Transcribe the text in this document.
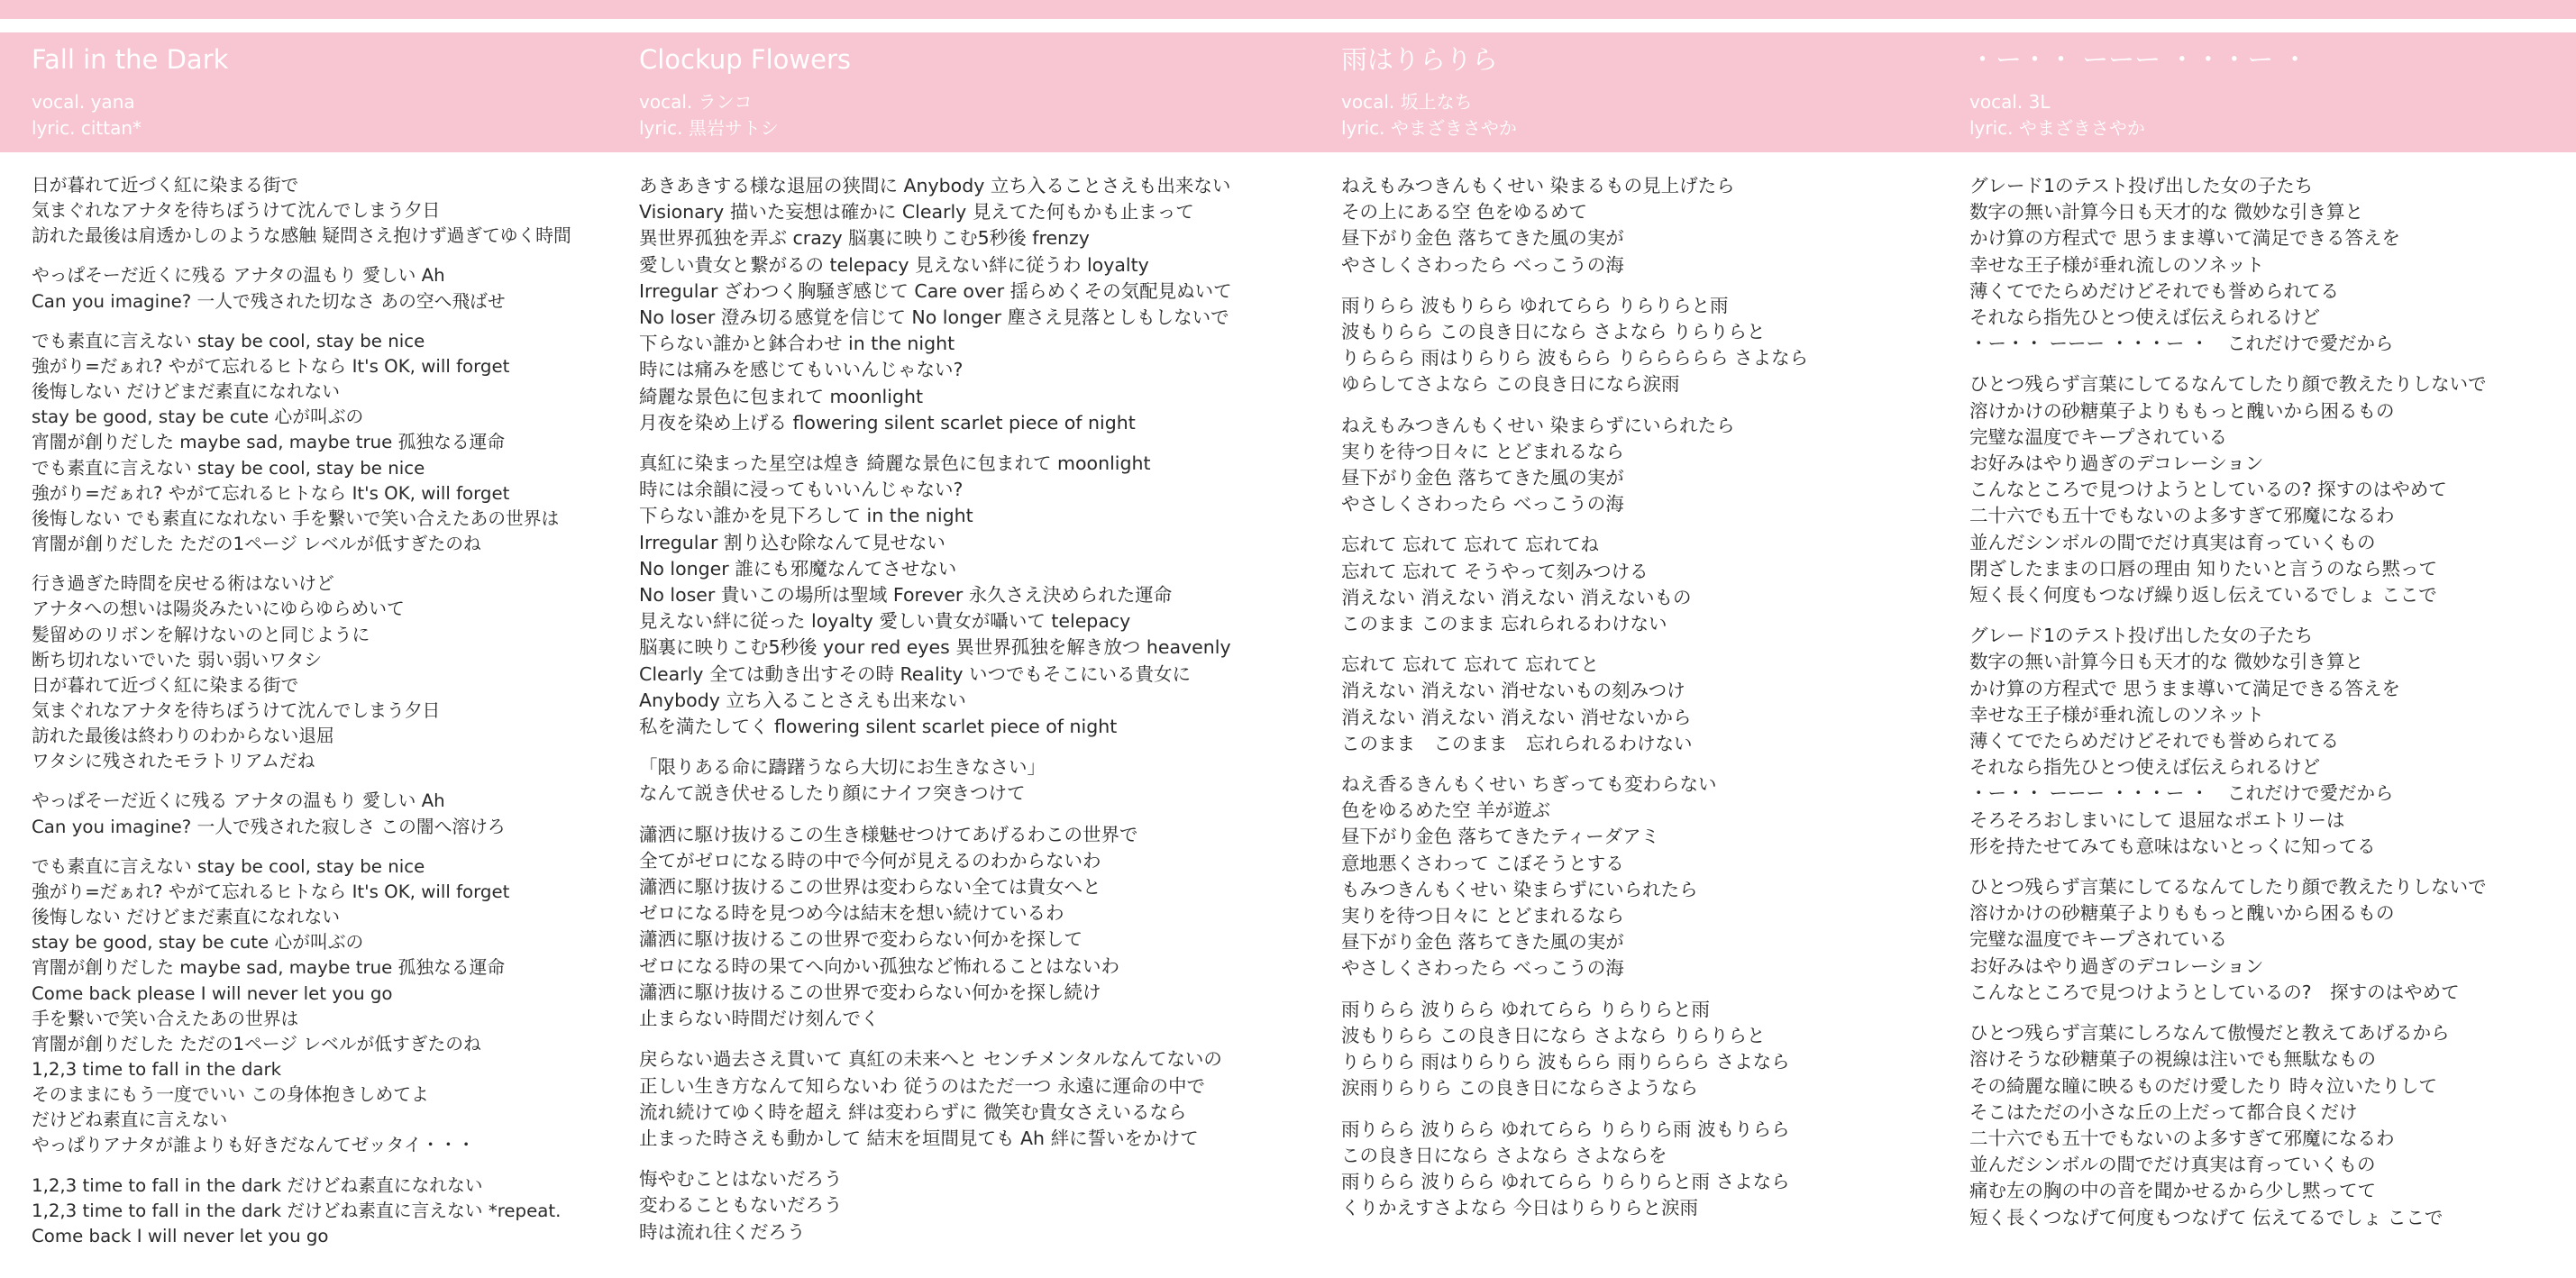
Fall in the Dark
vocal. yana
lyric. cittan*
日が暮れて近づく紅に染まる街で
気まぐれなアナタを待ちぼうけて沈んでしまう夕日
訪れた最後は肩透かしのような感触 疑問さえ抱けず過ぎてゆく時間
やっぱそーだ近くに残る アナタの温もり 愛しい Ah
Can you imagine? 一人で残された切なさ あの空へ飛ばせ
でも素直に言えない stay be cool, stay be nice
強がり=だぁれ? やがて忘れるヒトなら It's OK, will forget
後悔しない だけどまだ素直になれない
stay be good, stay be cute 心が叫ぶの
宵闇が創りだした maybe sad, maybe true 孤独なる運命
でも素直に言えない stay be cool, stay be nice
強がり=だぁれ? やがて忘れるヒトなら It's OK, will forget
後悔しない でも素直になれない 手を繋いで笑い合えたあの世界は
宵闇が創りだした ただの1ページ レベルが低すぎたのね
行き過ぎた時間を戻せる術はないけど
アナタへの想いは陽炎みたいにゆらゆらめいて
髪留めのリボンを解けないのと同じように
断ち切れないでいた 弱い弱いワタシ
日が暮れて近づく紅に染まる街で
気まぐれなアナタを待ちぼうけて沈んでしまう夕日
訪れた最後は終わりのわからない退屈
ワタシに残されたモラトリアムだね
やっぱそーだ近くに残る アナタの温もり 愛しい Ah
Can you imagine? 一人で残された寂しさ この闇へ溶けろ
でも素直に言えない stay be cool, stay be nice
強がり=だぁれ? やがて忘れるヒトなら It's OK, will forget
後悔しない だけどまだ素直になれない
stay be good, stay be cute 心が叫ぶの
宵闇が創りだした maybe sad, maybe true 孤独なる運命
Come back please I will never let you go
手を繋いで笑い合えたあの世界は
宵闇が創りだした ただの1ページ レベルが低すぎたのね
1,2,3 time to fall in the dark
そのままにもう一度でいい この身体抱きしめてよ
だけどね素直に言えない
やっぱりアナタが誰よりも好きだなんてゼッタイ・・・
1,2,3 time to fall in the dark だけどね素直になれない
1,2,3 time to fall in the dark だけどね素直に言えない *repeat.
Come back I will never let you go
Clockup Flowers
vocal. ランコ
lyric. 黒岩サトシ
あきあきする様な退屈の狭間に Anybody 立ち入ることさえも出来ない
Visionary 描いた妄想は確かに Clearly 見えてた何もかも止まって
異世界孤独を弄ぶ crazy 脳裏に映りこむ5秒後 frenzy
愛しい貴女と繋がるの telepacy 見えない絆に従うわ loyalty
Irregular ざわつく胸騒ぎ感じて Care over 揺らめくその気配見ぬいて
No loser 澄み切る感覚を信じて No longer 塵さえ見落としもしないで
下らない誰かと鉢合わせ in the night
時には痛みを感じてもいいんじゃない?
綺麗な景色に包まれて moonlight
月夜を染め上げる flowering silent scarlet piece of night
真紅に染まった星空は煌き 綺麗な景色に包まれて moonlight
時には余韻に浸ってもいいんじゃない?
下らない誰かを見下ろして in the night
Irregular 割り込む除なんて見せない
No longer 誰にも邪魔なんてさせない
No loser 貴いこの場所は聖域 Forever 永久さえ決められた運命
見えない絆に従った loyalty 愛しい貴女が囁いて telepacy
脳裏に映りこむ5秒後 your red eyes 異世界孤独を解き放つ heavenly
Clearly 全ては動き出すその時 Reality いつでもそこにいる貴女に
Anybody 立ち入ることさえも出来ない
私を満たしてく flowering silent scarlet piece of night
「限りある命に躊躇うなら大切にお生きなさい」
なんて説き伏せるしたり顔にナイフ突きつけて
瀟洒に駆け抜けるこの生き様魅せつけてあげるわこの世界で
全てがゼロになる時の中で今何が見えるのわからないわ
瀟洒に駆け抜けるこの世界は変わらない全ては貴女へと
ゼロになる時を見つめ今は結末を想い続けているわ
瀟洒に駆け抜けるこの世界で変わらない何かを探して
ゼロになる時の果てへ向かい孤独など怖れることはないわ
瀟洒に駆け抜けるこの世界で変わらない何かを探し続け
止まらない時間だけ刻んでく
戻らない過去さえ貫いて 真紅の未来へと センチメンタルなんてないの
正しい生き方なんて知らないわ 従うのはただ一つ 永遠に運命の中で
流れ続けてゆく時を超え 絆は変わらずに 微笑む貴女さえいるなら
止まった時さえも動かして 結末を垣間見ても Ah 絆に誓いをかけて
悔やむことはないだろう
変わることもないだろう
時は流れ往くだろう
雨はりらりら
vocal. 坂上なち
lyric. やまざきさやか
ねえもみつきんもくせい 染まるもの見上げたら
その上にある空 色をゆるめて
昼下がり金色 落ちてきた風の実が
やさしくさわったら べっこうの海
雨りらら 波もりらら ゆれてらら りらりらと雨
波もりらら この良き日になら さよなら りらりらと
りららら 雨はりらりら 波もらら りららららら さよなら
ゆらしてさよなら この良き日になら涙雨
ねえもみつきんもくせい 染まらずにいられたら
実りを待つ日々に とどまれるなら
昼下がり金色 落ちてきた風の実が
やさしくさわったら べっこうの海
忘れて 忘れて 忘れて 忘れてね
忘れて 忘れて そうやって刻みつける
消えない 消えない 消えない 消えないもの
このまま このまま 忘れられるわけない
忘れて 忘れて 忘れて 忘れてと
消えない 消えない 消せないもの刻みつけ
消えない 消えない 消えない 消せないから
このまま　このまま　忘れられるわけない
ねえ香るきんもくせい ちぎっても変わらない
色をゆるめた空 羊が遊ぶ
昼下がり金色 落ちてきたティーダアミ
意地悪くさわって こぼそうとする
もみつきんもくせい 染まらずにいられたら
実りを待つ日々に とどまれるなら
昼下がり金色 落ちてきた風の実が
やさしくさわったら べっこうの海
雨りらら 波りらら ゆれてらら りらりらと雨
波もりらら この良き日になら さよなら りらりらと
りらりら 雨はりらりら 波もらら 雨りららら さよなら
涙雨りらりら この良き日にならさようなら
雨りらら 波りらら ゆれてらら りらりら雨 波もりらら
この良き日になら さよなら さよならを
雨りらら 波りらら ゆれてらら りらりらと雨 さよなら
くりかえすさよなら 今日はりらりらと涙雨
・ー・・ ーーー ・・・ー ・
vocal. 3L
lyric. やまざきさやか
グレード1のテスト投げ出した女の子たち
数字の無い計算今日も天才的な 微妙な引き算と
かけ算の方程式で 思うまま導いて満足できる答えを
幸せな王子様が垂れ流しのソネット
薄くてでたらめだけどそれでも誉められてる
それなら指先ひとつ使えば伝えられるけど
・ー・・ ーーー ・・・ー ・　これだけで愛だから
ひとつ残らず言葉にしてるなんてしたり顔で教えたりしないで
溶けかけの砂糖菓子よりももっと醜いから困るもの
完璧な温度でキープされている
お好みはやり過ぎのデコレーション
こんなところで見つけようとしているの? 探すのはやめて
二十六でも五十でもないのよ多すぎて邪魔になるわ
並んだシンボルの間でだけ真実は育っていくもの
閉ざしたままの口唇の理由 知りたいと言うのなら黙って
短く長く何度もつなげ繰り返し伝えているでしょ ここで
グレード1のテスト投げ出した女の子たち
数字の無い計算今日も天才的な 微妙な引き算と
かけ算の方程式で 思うまま導いて満足できる答えを
幸せな王子様が垂れ流しのソネット
薄くてでたらめだけどそれでも誉められてる
それなら指先ひとつ使えば伝えられるけど
・ー・・ ーーー ・・・ー ・　これだけで愛だから
そろそろおしまいにして 退屈なポエトリーは
形を持たせてみても意味はないとっくに知ってる
ひとつ残らず言葉にしてるなんてしたり顔で教えたりしないで
溶けかけの砂糖菓子よりももっと醜いから困るもの
完璧な温度でキープされている
お好みはやり過ぎのデコレーション
こんなところで見つけようとしているの?　探すのはやめて
ひとつ残らず言葉にしろなんて傲慢だと教えてあげるから
溶けそうな砂糖菓子の視線は注いでも無駄なもの
その綺麗な瞳に映るものだけ愛したり 時々泣いたりして
そこはただの小さな丘の上だって都合良くだけ
二十六でも五十でもないのよ多すぎて邪魔になるわ
並んだシンボルの間でだけ真実は育っていくもの
痛む左の胸の中の音を聞かせるから少し黙ってて
短く長くつなげて何度もつなげて 伝えてるでしょ ここで
